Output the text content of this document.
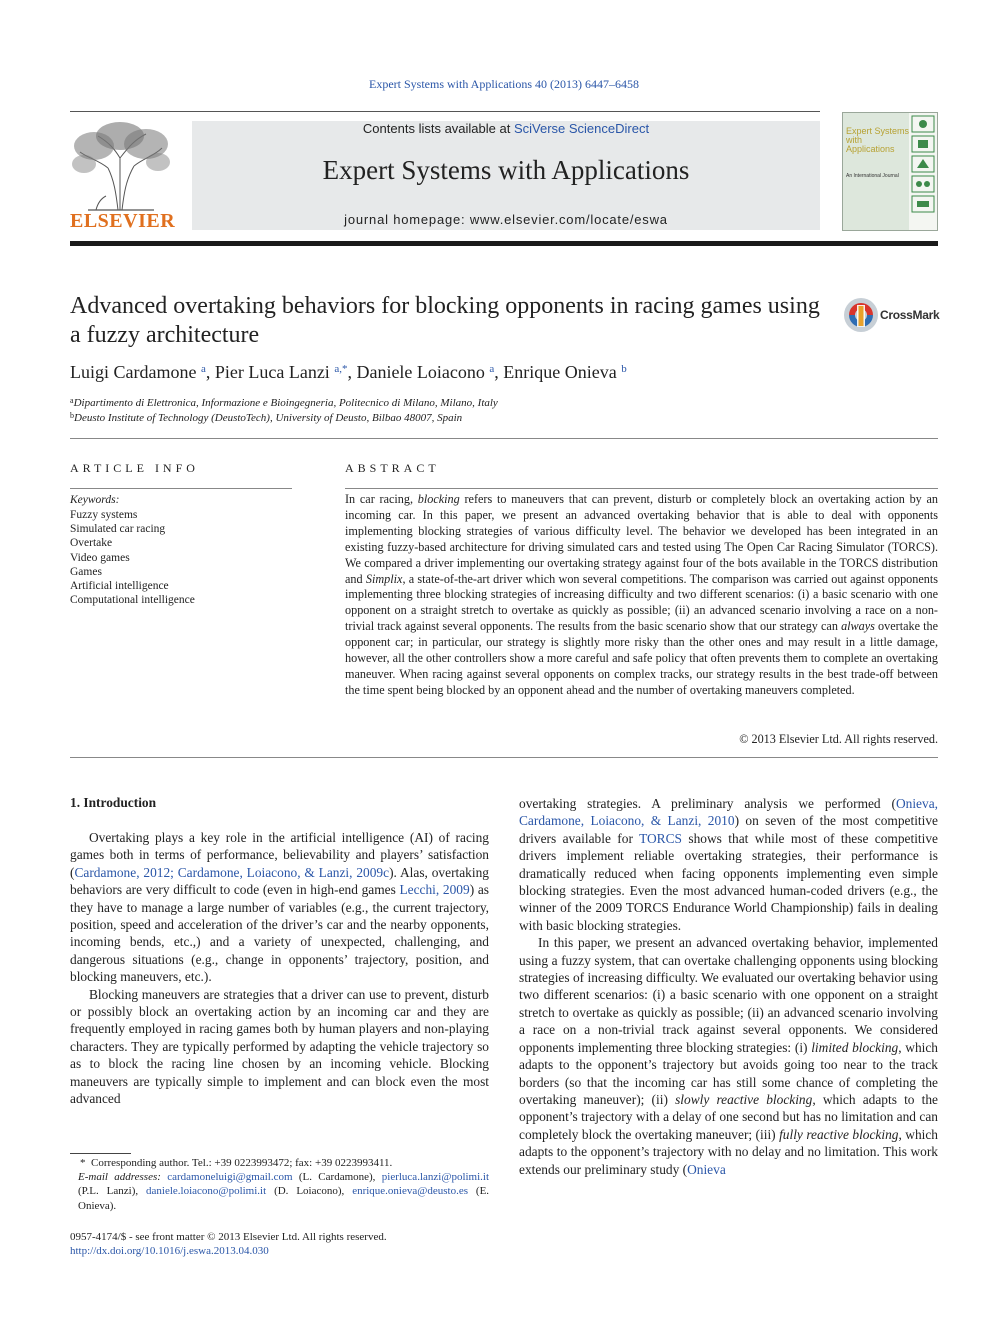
Expert Systems with Applications 40 (2013) 6447–6458
ELSEVIER
Contents lists available at SciVerse ScienceDirect
Expert Systems with Applications
journal homepage: www.elsevier.com/locate/eswa
Expert Systems with Applications
An International Journal
Advanced overtaking behaviors for blocking opponents in racing games using a fuzzy architecture
CrossMark
Luigi Cardamone $^a$, Pier Luca Lanzi $^{a,*}$, Daniele Loiacono $^a$, Enrique Onieva $^b$
$^a$Dipartimento di Elettronica, Informazione e Bioingegneria, Politecnico di Milano, Milano, Italy
$^b$Deusto Institute of Technology (DeustoTech), University of Deusto, Bilbao 48007, Spain
ARTICLE INFO
Keywords:
Fuzzy systems
Simulated car racing
Overtake
Video games
Games
Artificial intelligence
Computational intelligence
ABSTRACT
In car racing, blocking refers to maneuvers that can prevent, disturb or completely block an overtaking action by an incoming car. In this paper, we present an advanced overtaking behavior that is able to deal with opponents implementing blocking strategies of various difficulty level. The behavior we developed has been integrated in an existing fuzzy-based architecture for driving simulated cars and tested using The Open Car Racing Simulator (TORCS). We compared a driver implementing our overtaking strategy against four of the bots available in the TORCS distribution and Simplix, a state-of-the-art driver which won several competitions. The comparison was carried out against opponents implementing three blocking strategies of increasing difficulty and two different scenarios: (i) a basic scenario with one opponent on a straight stretch to overtake as quickly as possible; (ii) an advanced scenario involving a race on a non-trivial track against several opponents. The results from the basic scenario show that our strategy can always overtake the opponent car; in particular, our strategy is slightly more risky than the other ones and may result in a little damage, however, all the other controllers show a more careful and safe policy that often prevents them to complete an overtaking maneuver. When racing against several opponents on complex tracks, our strategy results in the best trade-off between the time spent being blocked by an opponent ahead and the number of overtaking maneuvers completed.
© 2013 Elsevier Ltd. All rights reserved.
1. Introduction

Overtaking plays a key role in the artificial intelligence (AI) of racing games both in terms of performance, believability and players’ satisfaction (Cardamone, 2012; Cardamone, Loiacono, & Lanzi, 2009c). Alas, overtaking behaviors are very difficult to code (even in high-end games Lecchi, 2009) as they have to manage a large number of variables (e.g., the current trajectory, position, speed and acceleration of the driver’s car and the nearby opponents, incoming bends, etc.,) and a variety of unexpected, challenging, and dangerous situations (e.g., change in opponents’ trajectory, position, and blocking maneuvers, etc.).

Blocking maneuvers are strategies that a driver can use to prevent, disturb or possibly block an overtaking action by an incoming car and they are frequently employed in racing games both by human players and non-playing characters. They are typically performed by adapting the vehicle trajectory so as to block the racing line chosen by an incoming vehicle. Blocking maneuvers are typically simple to implement and can block even the most advanced

overtaking strategies. A preliminary analysis we performed (Onieva, Cardamone, Loiacono, & Lanzi, 2010) on seven of the most competitive drivers available for TORCS shows that while most of these competitive drivers implement reliable overtaking strategies, their performance is dramatically reduced when facing opponents implementing even simple blocking strategies. Even the most advanced human-coded drivers (e.g., the winner of the 2009 TORCS Endurance World Championship) fails in dealing with basic blocking strategies.

In this paper, we present an advanced overtaking behavior, implemented using a fuzzy system, that can overtake challenging opponents using blocking strategies of increasing difficulty. We evaluated our overtaking behavior using two different scenarios: (i) a basic scenario with one opponent on a straight stretch to overtake as quickly as possible; (ii) an advanced scenario involving a race on a non-trivial track against several opponents. We considered opponents implementing three blocking strategies: (i) limited blocking, which adapts to the opponent’s trajectory but avoids going too near to the track borders (so that the incoming car has still some chance of completing the overtaking maneuver); (ii) slowly reactive blocking, which adapts to the opponent’s trajectory with a delay of one second but has no limitation and can completely block the overtaking maneuver; (iii) fully reactive blocking, which adapts to the opponent’s trajectory with no delay and no limitation. This work extends our preliminary study (Onieva

*  Corresponding author. Tel.: +39 0223993472; fax: +39 0223993411.

E-mail addresses: cardamoneluigi@gmail.com (L. Cardamone), pierluca.lanzi@polimi.it (P.L. Lanzi), daniele.loiacono@polimi.it (D. Loiacono), enrique.onieva@deusto.es (E. Onieva).

0957-4174/$ - see front matter © 2013 Elsevier Ltd. All rights reserved.
http://dx.doi.org/10.1016/j.eswa.2013.04.030
